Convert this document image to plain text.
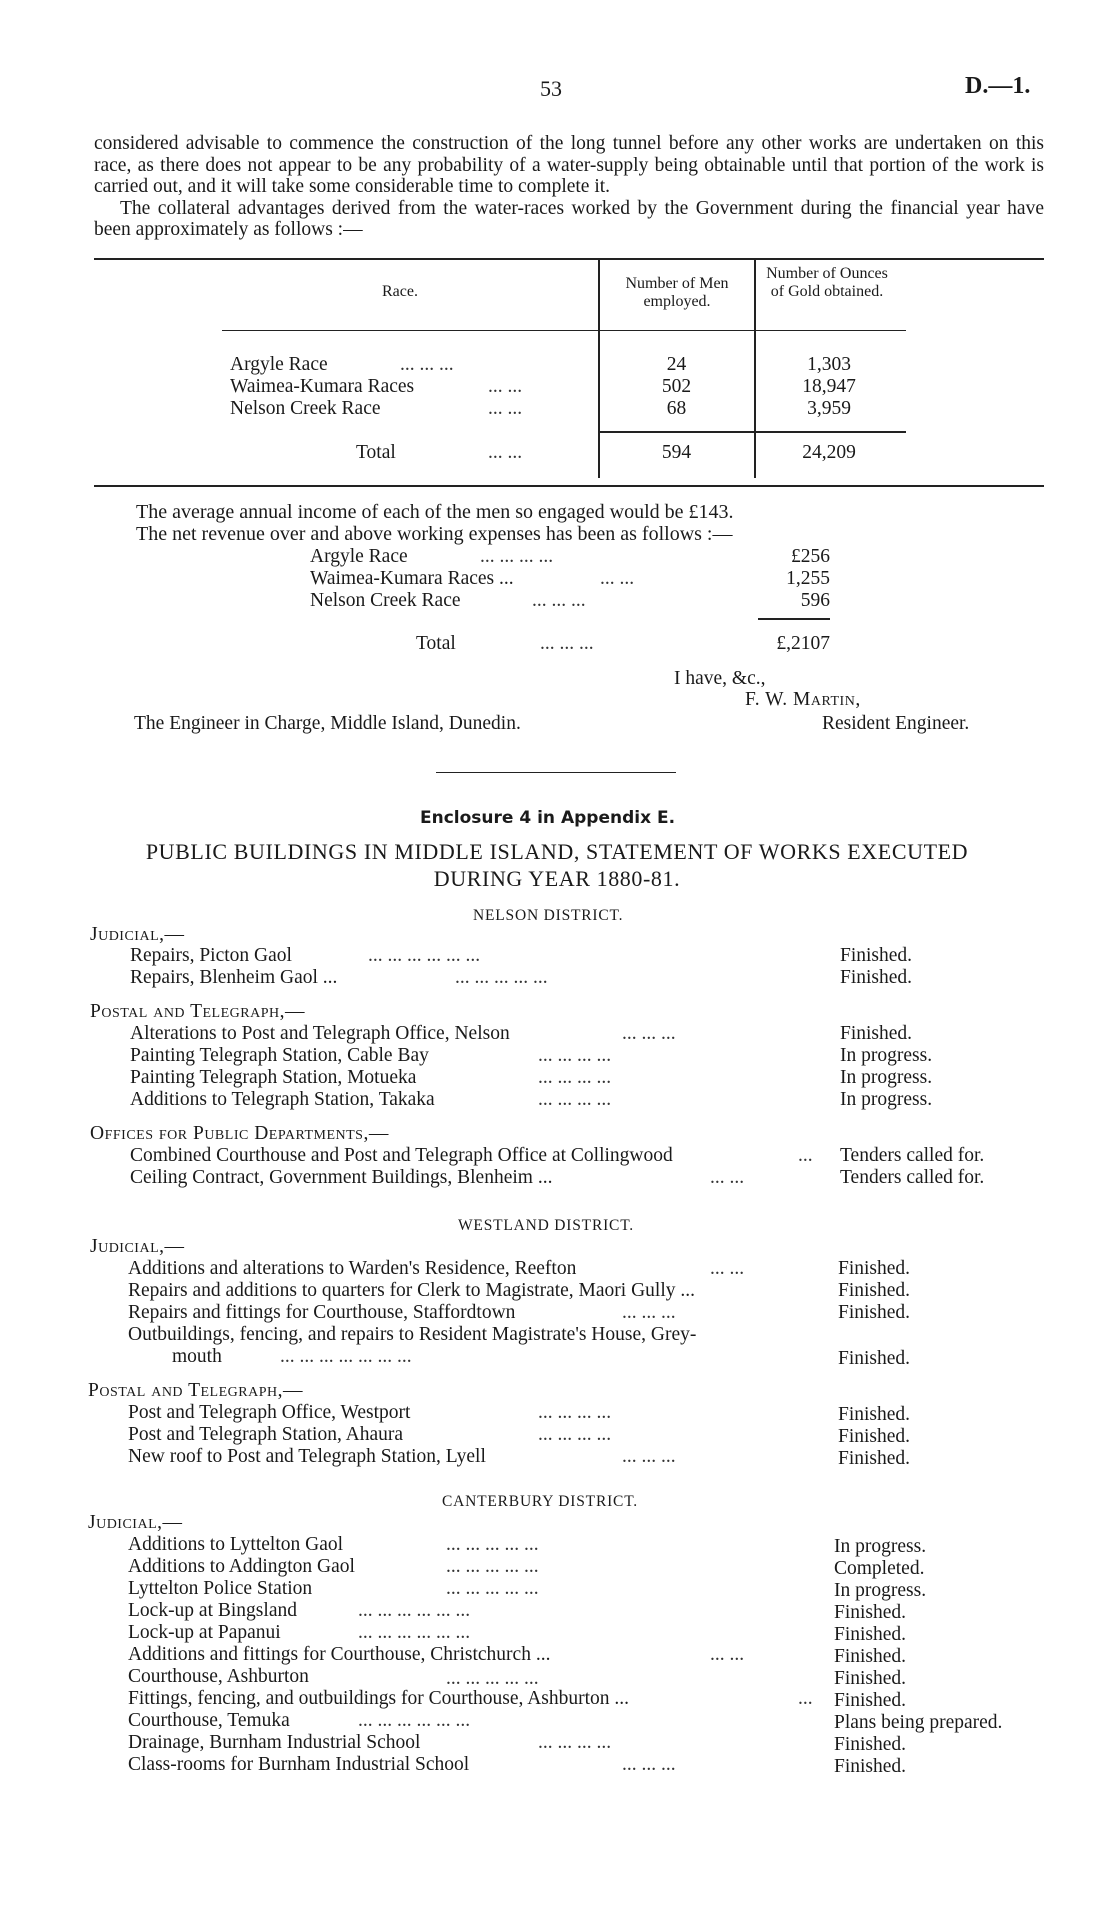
53	D.—1.

considered advisable to commence the construction of the long tunnel before any other works are undertaken on this race, as there does not appear to be any probability of a water-supply being obtainable until that portion of the work is carried out, and it will take some considerable time to complete it.

The collateral advantages derived from the water-races worked by the Government during the financial year have been approximately as follows :—

Race.	Number of Men employed.
Number of Ounces of Gold obtained.
Argyle Race	... ... ...	24	1,303
Waimea-Kumara Races	... ...	502	18,947
Nelson Creek Race	... ...	68	3,959
Total	... ...	594	24,209
The average annual income of each of the men so engaged would be £143.
The net revenue over and above working expenses has been as follows :—
Argyle Race	... ... ... ...	£256
Waimea-Kumara Races ...	... ...	1,255
Nelson Creek Race	... ... ...	596
Total	... ... ...	£,2107
I have, &c.,
F. W. Martin,
The Engineer in Charge, Middle Island, Dunedin.	Resident Engineer.
Enclosure 4 in Appendix E.
PUBLIC BUILDINGS IN MIDDLE ISLAND, STATEMENT OF WORKS EXECUTED
DURING YEAR 1880-81.
NELSON DISTRICT.
Judicial,—
Repairs, Picton Gaol	... ... ... ... ... ...	Finished.
Repairs, Blenheim Gaol ...	... ... ... ... ...	Finished.
Postal and Telegraph,—
Alterations to Post and Telegraph Office, Nelson	... ... ...	Finished.
Painting Telegraph Station, Cable Bay	... ... ... ...	In progress.
Painting Telegraph Station, Motueka	... ... ... ...	In progress.
Additions to Telegraph Station, Takaka	... ... ... ...	In progress.
Offices for Public Departments,—
Combined Courthouse and Post and Telegraph Office at Collingwood	... Tenders called for.
Ceiling Contract, Government Buildings, Blenheim ...	... ...	Tenders called for.
WESTLAND DISTRICT.
Judicial,—
Additions and alterations to Warden's Residence, Reefton	... ...	Finished.
Repairs and additions to quarters for Clerk to Magistrate, Maori Gully ...	Finished.
Repairs and fittings for Courthouse, Staffordtown	... ... ...	Finished.
Outbuildings, fencing, and repairs to Resident Magistrate's House, Grey-
mouth	... ... ... ... ... ... ...	Finished.
Postal and Telegraph,—
Post and Telegraph Office, Westport	... ... ... ...	Finished.
Post and Telegraph Station, Ahaura	... ... ... ...	Finished.
New roof to Post and Telegraph Station, Lyell	... ... ...	Finished.
CANTERBURY DISTRICT.
Judicial,—
Additions to Lyttelton Gaol	... ... ... ... ...	In progress.
Additions to Addington Gaol	... ... ... ... ...	Completed.
Lyttelton Police Station	... ... ... ... ...	In progress.
Lock-up at Bingsland	... ... ... ... ... ...	Finished.
Lock-up at Papanui	... ... ... ... ... ...	Finished.
Additions and fittings for Courthouse, Christchurch ...	... ...	Finished.
Courthouse, Ashburton	... ... ... ... ...	Finished.
Fittings, fencing, and outbuildings for Courthouse, Ashburton ...	... Finished.
Courthouse, Temuka	... ... ... ... ... ...	Plans being prepared.
Drainage, Burnham Industrial School	... ... ... ...	Finished.
Class-rooms for Burnham Industrial School	... ... ...	Finished.
